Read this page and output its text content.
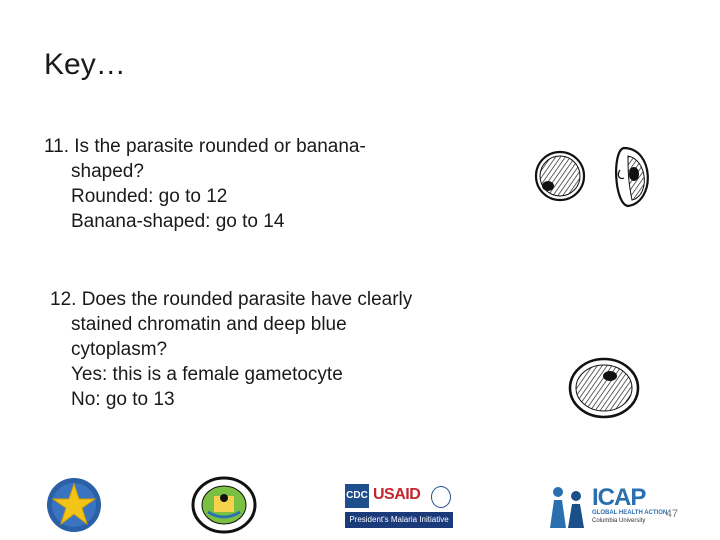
Key…
11. Is the parasite rounded or banana-
shaped?
Rounded: go to 12
Banana-shaped: go to 14
12. Does the rounded parasite have clearly
stained chromatin and deep blue
cytoplasm?
Yes: this is a female gametocyte
No: go to 13
CDC USAID
President's Malaria Initiative
ICAP
GLOBAL HEALTH ACTION
Columbia University
47
